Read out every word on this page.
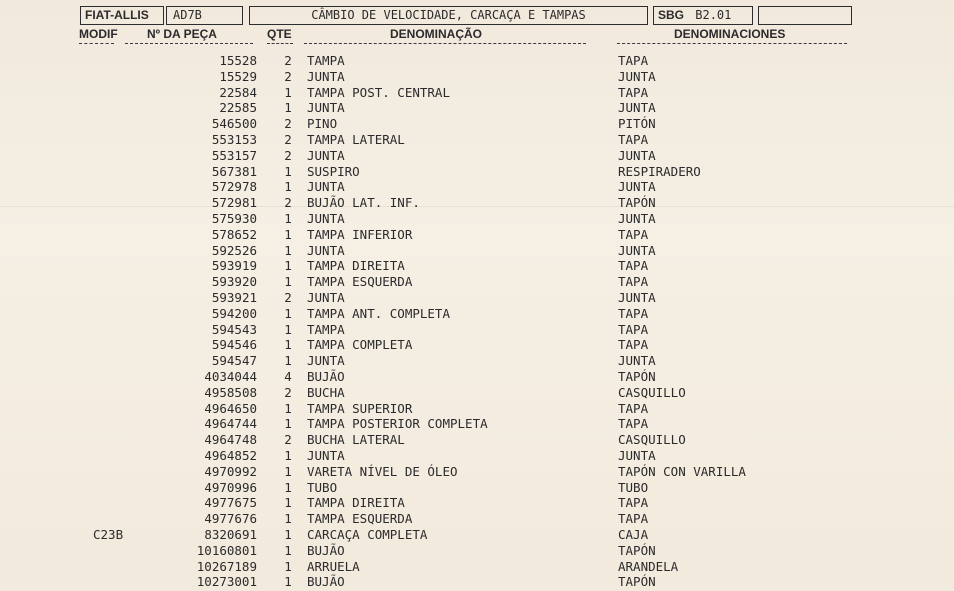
FIAT-ALLIS	AD7B	CÂMBIO DE VELOCIDADE, CARCAÇA E TAMPAS	SBG B2.01
MODIF Nº DA PEÇA	QTE	DENOMINAÇÃO	DENOMINACIONES
15528 2 TAMPA	TAPA
15529 2 JUNTA	JUNTA
22584 1 TAMPA POST. CENTRAL	TAPA
22585 1 JUNTA	JUNTA
546500 2 PINO	PITÓN
553153 2 TAMPA LATERAL	TAPA
553157 2 JUNTA	JUNTA
567381 1 SUSPIRO	RESPIRADERO
572978 1 JUNTA	JUNTA
572981 2 BUJÃO LAT. INF.	TAPÓN
575930 1 JUNTA	JUNTA
578652 1 TAMPA INFERIOR	TAPA
592526 1 JUNTA	JUNTA
593919 1 TAMPA DIREITA	TAPA
593920 1 TAMPA ESQUERDA	TAPA
593921 2 JUNTA	JUNTA
594200 1 TAMPA ANT. COMPLETA	TAPA
594543 1 TAMPA	TAPA
594546 1 TAMPA COMPLETA	TAPA
594547 1 JUNTA	JUNTA
4034044 4 BUJÃO	TAPÓN
4958508 2 BUCHA	CASQUILLO
4964650 1 TAMPA SUPERIOR	TAPA
4964744 1 TAMPA POSTERIOR COMPLETA	TAPA
4964748 2 BUCHA LATERAL	CASQUILLO
4964852 1 JUNTA	JUNTA
4970992 1 VARETA NÍVEL DE ÓLEO	TAPÓN CON VARILLA
4970996 1 TUBO	TUBO
4977675 1 TAMPA DIREITA	TAPA
4977676 1 TAMPA ESQUERDA	TAPA
C23B	8320691 1 CARCAÇA COMPLETA	CAJA
10160801 1 BUJÃO	TAPÓN
10267189 1 ARRUELA	ARANDELA
10273001 1 BUJÃO	TAPÓN
